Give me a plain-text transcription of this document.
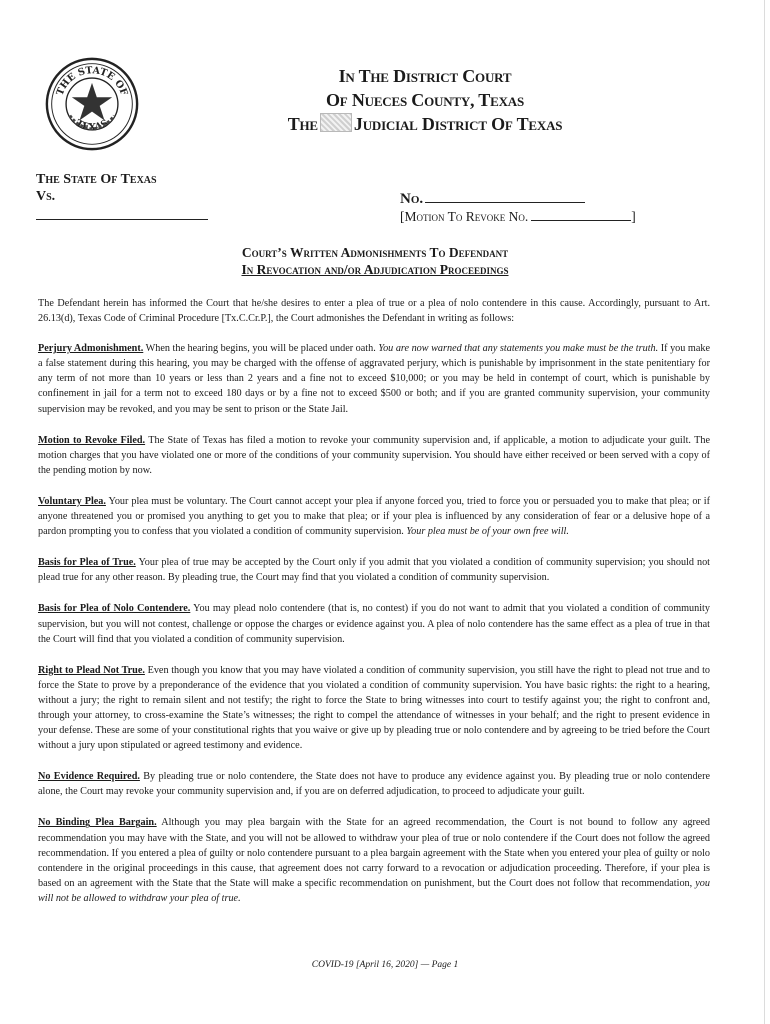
THE STATE OF
TEXAS
In The District Court
Of Nueces County, Texas
The Judicial District Of Texas
The State Of Texas
Vs.	No.
[Motion To Revoke No.	]
Court’s Written Admonishments To Defendant
In Revocation and/or Adjudication Proceedings

The Defendant herein has informed the Court that he/she desires to enter a plea of true or a plea of nolo contendere in this cause. Accordingly, pursuant to Art. 26.13(d), Texas Code of Criminal Procedure [Tx.C.Cr.P.], the Court admonishes the Defendant in writing as follows:

Perjury Admonishment. When the hearing begins, you will be placed under oath. You are now warned that any statements you make must be the truth. If you make a false statement during this hearing, you may be charged with the offense of aggravated perjury, which is punishable by imprisonment in the state penitentiary for any term of not more than 10 years or less than 2 years and a fine not to exceed $10,000; or you may be held in contempt of court, which is punishable by confinement in jail for a term not to exceed 180 days or by a fine not to exceed $500 or both; and if you are granted community supervision, your community supervision may be revoked, and you may be sent to prison or the State Jail.

Motion to Revoke Filed. The State of Texas has filed a motion to revoke your community supervision and, if applicable, a motion to adjudicate your guilt. The motion charges that you have violated one or more of the conditions of your community supervision. You should have either received or been served with a copy of the pending motion by now.

Voluntary Plea. Your plea must be voluntary. The Court cannot accept your plea if anyone forced you, tried to force you or persuaded you to make that plea; or if anyone threatened you or promised you anything to get you to make that plea; or if your plea is influenced by any consideration of fear or a delusive hope of a pardon prompting you to confess that you violated a condition of community supervision. Your plea must be of your own free will.

Basis for Plea of True. Your plea of true may be accepted by the Court only if you admit that you violated a condition of community supervision; you should not plead true for any other reason. By pleading true, the Court may find that you violated a condition of community supervision.

Basis for Plea of Nolo Contendere. You may plead nolo contendere (that is, no contest) if you do not want to admit that you violated a condition of community supervision, but you will not contest, challenge or oppose the charges or evidence against you. A plea of nolo contendere has the same effect as a plea of true in that the Court will find that you violated a condition of community supervision.

Right to Plead Not True. Even though you know that you may have violated a condition of community supervision, you still have the right to plead not true and to force the State to prove by a preponderance of the evidence that you violated a condition of community supervision. You have basic rights: the right to a hearing, without a jury; the right to remain silent and not testify; the right to force the State to bring witnesses into court to testify against you; the right to confront and, through your attorney, to cross-examine the State’s witnesses; the right to compel the attendance of witnesses in your behalf; and the right to present evidence in your defense. These are some of your constitutional rights that you waive or give up by pleading true or nolo contendere and by agreeing to be tried before the Court without a jury upon stipulated or agreed testimony and evidence.

No Evidence Required. By pleading true or nolo contendere, the State does not have to produce any evidence against you. By pleading true or nolo contendere alone, the Court may revoke your community supervision and, if you are on deferred adjudication, to proceed to adjudicate your guilt.

No Binding Plea Bargain. Although you may plea bargain with the State for an agreed recommendation, the Court is not bound to follow any agreed recommendation you may have with the State, and you will not be allowed to withdraw your plea of true or nolo contendere if the Court does not follow the agreed recommendation. If you entered a plea of guilty or nolo contendere pursuant to a plea bargain agreement with the State when you entered your plea of guilty or nolo contendere in the original proceedings in this cause, that agreement does not carry forward to a revocation or adjudication proceeding. Therefore, if your plea is based on an agreement with the State that the State will make a specific recommendation on punishment, but the Court does not follow that recommendation, you will not be allowed to withdraw your plea of true.

COVID-19 [April 16, 2020] — Page 1
